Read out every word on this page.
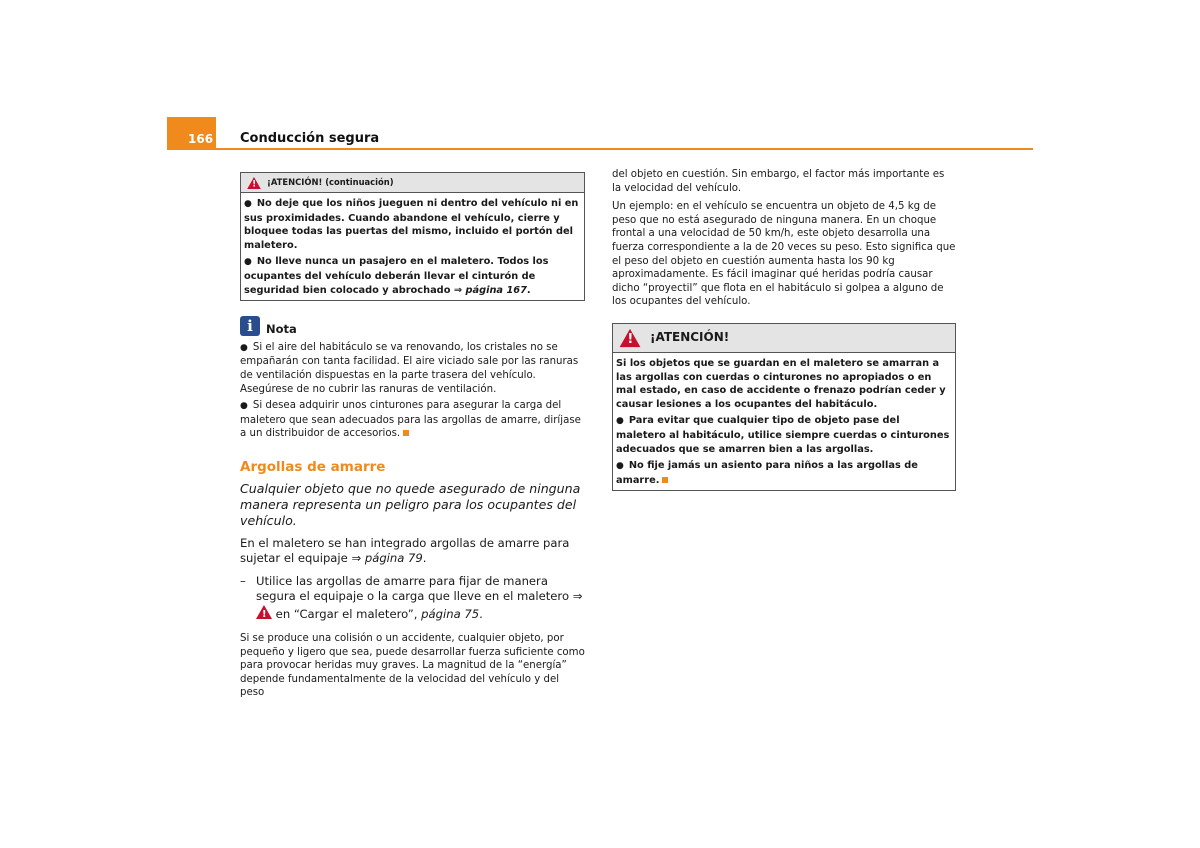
166 Conducción segura
!
¡ATENCIÓN! (continuación)

● No deje que los niños jueguen ni dentro del vehículo ni en sus proximidades. Cuando abandone el vehículo, cierre y bloquee todas las puertas del mismo, incluido el portón del maletero.

● No lleve nunca un pasajero en el maletero. Todos los ocupantes del vehículo deberán llevar el cinturón de seguridad bien colocado y abrochado ⇒ página 167.

i	Nota

● Si el aire del habitáculo se va renovando, los cristales no se empañarán con tanta facilidad. El aire viciado sale por las ranuras de ventilación dispuestas en la parte trasera del vehículo. Asegúrese de no cubrir las ranuras de ventilación.

● Si desea adquirir unos cinturones para asegurar la carga del maletero que sean adecuados para las argollas de amarre, diríjase a un distribuidor de accesorios.

Argollas de amarre

Cualquier objeto que no quede asegurado de ninguna manera representa un peligro para los ocupantes del vehículo.

En el maletero se han integrado argollas de amarre para sujetar el equipaje ⇒ página 79.

– Utilice las argollas de amarre para fijar de manera segura el equipaje o la carga que lleve en el maletero ⇒ ! en “Cargar el maletero”, página 75.

Si se produce una colisión o un accidente, cualquier objeto, por pequeño y ligero que sea, puede desarrollar fuerza suficiente como para provocar heridas muy graves. La magnitud de la “energía” depende fundamentalmente de la velocidad del vehículo y del peso

del objeto en cuestión. Sin embargo, el factor más importante es la velocidad del vehículo.

Un ejemplo: en el vehículo se encuentra un objeto de 4,5 kg de peso que no está asegurado de ninguna manera. En un choque frontal a una velocidad de 50 km/h, este objeto desarrolla una fuerza correspondiente a la de 20 veces su peso. Esto significa que el peso del objeto en cuestión aumenta hasta los 90 kg aproximadamente. Es fácil imaginar qué heridas podría causar dicho “proyectil” que flota en el habitáculo si golpea a alguno de los ocupantes del vehículo.

!
¡ATENCIÓN!

Si los objetos que se guardan en el maletero se amarran a las argollas con cuerdas o cinturones no apropiados o en mal estado, en caso de accidente o frenazo podrían ceder y causar lesiones a los ocupantes del habitáculo.

● Para evitar que cualquier tipo de objeto pase del maletero al habitáculo, utilice siempre cuerdas o cinturones adecuados que se amarren bien a las argollas.

● No fije jamás un asiento para niños a las argollas de amarre.
